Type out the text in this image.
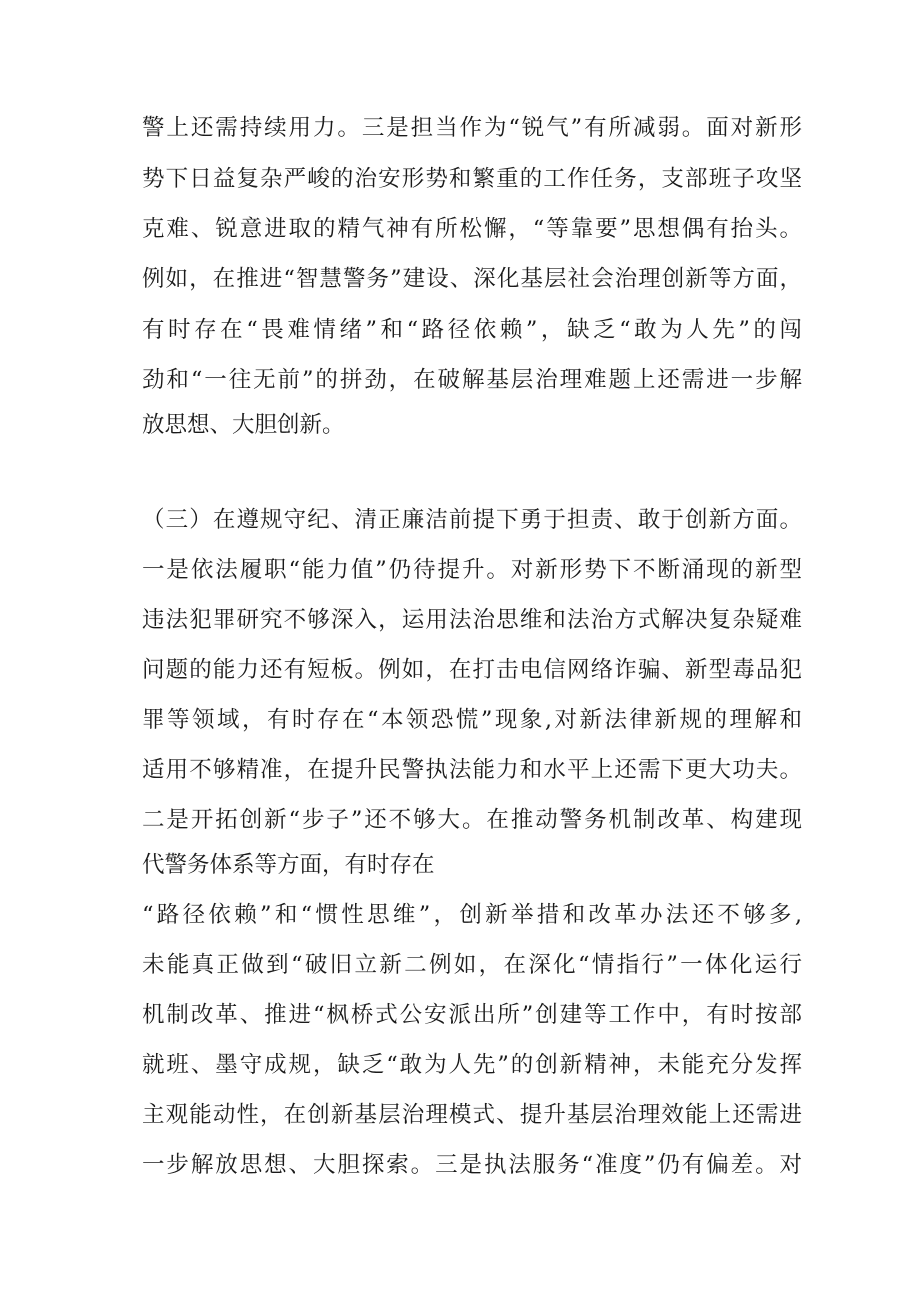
警上还需持续用力。三是担当作为“锐气”有所减弱。面对新形
势下日益复杂严峻的治安形势和繁重的工作任务，支部班子攻坚
克难、锐意进取的精气神有所松懈，“等靠要”思想偶有抬头。
例如，在推进“智慧警务”建设、深化基层社会治理创新等方面，
有时存在“畏难情绪”和“路径依赖”，缺乏“敢为人先”的闯
劲和“一往无前”的拼劲，在破解基层治理难题上还需进一步解
放思想、大胆创新。
（三）在遵规守纪、清正廉洁前提下勇于担责、敢于创新方面。
一是依法履职“能力值”仍待提升。对新形势下不断涌现的新型
违法犯罪研究不够深入，运用法治思维和法治方式解决复杂疑难
问题的能力还有短板。例如，在打击电信网络诈骗、新型毒品犯
罪等领域，有时存在“本领恐慌”现象,对新法律新规的理解和
适用不够精准，在提升民警执法能力和水平上还需下更大功夫。
二是开拓创新“步子”还不够大。在推动警务机制改革、构建现
代警务体系等方面，有时存在
“路径依赖”和“惯性思维”，创新举措和改革办法还不够多,
未能真正做到“破旧立新二例如，在深化“情指行”一体化运行
机制改革、推进“枫桥式公安派出所”创建等工作中，有时按部
就班、墨守成规，缺乏“敢为人先”的创新精神，未能充分发挥
主观能动性，在创新基层治理模式、提升基层治理效能上还需进
一步解放思想、大胆探索。三是执法服务“准度”仍有偏差。对
